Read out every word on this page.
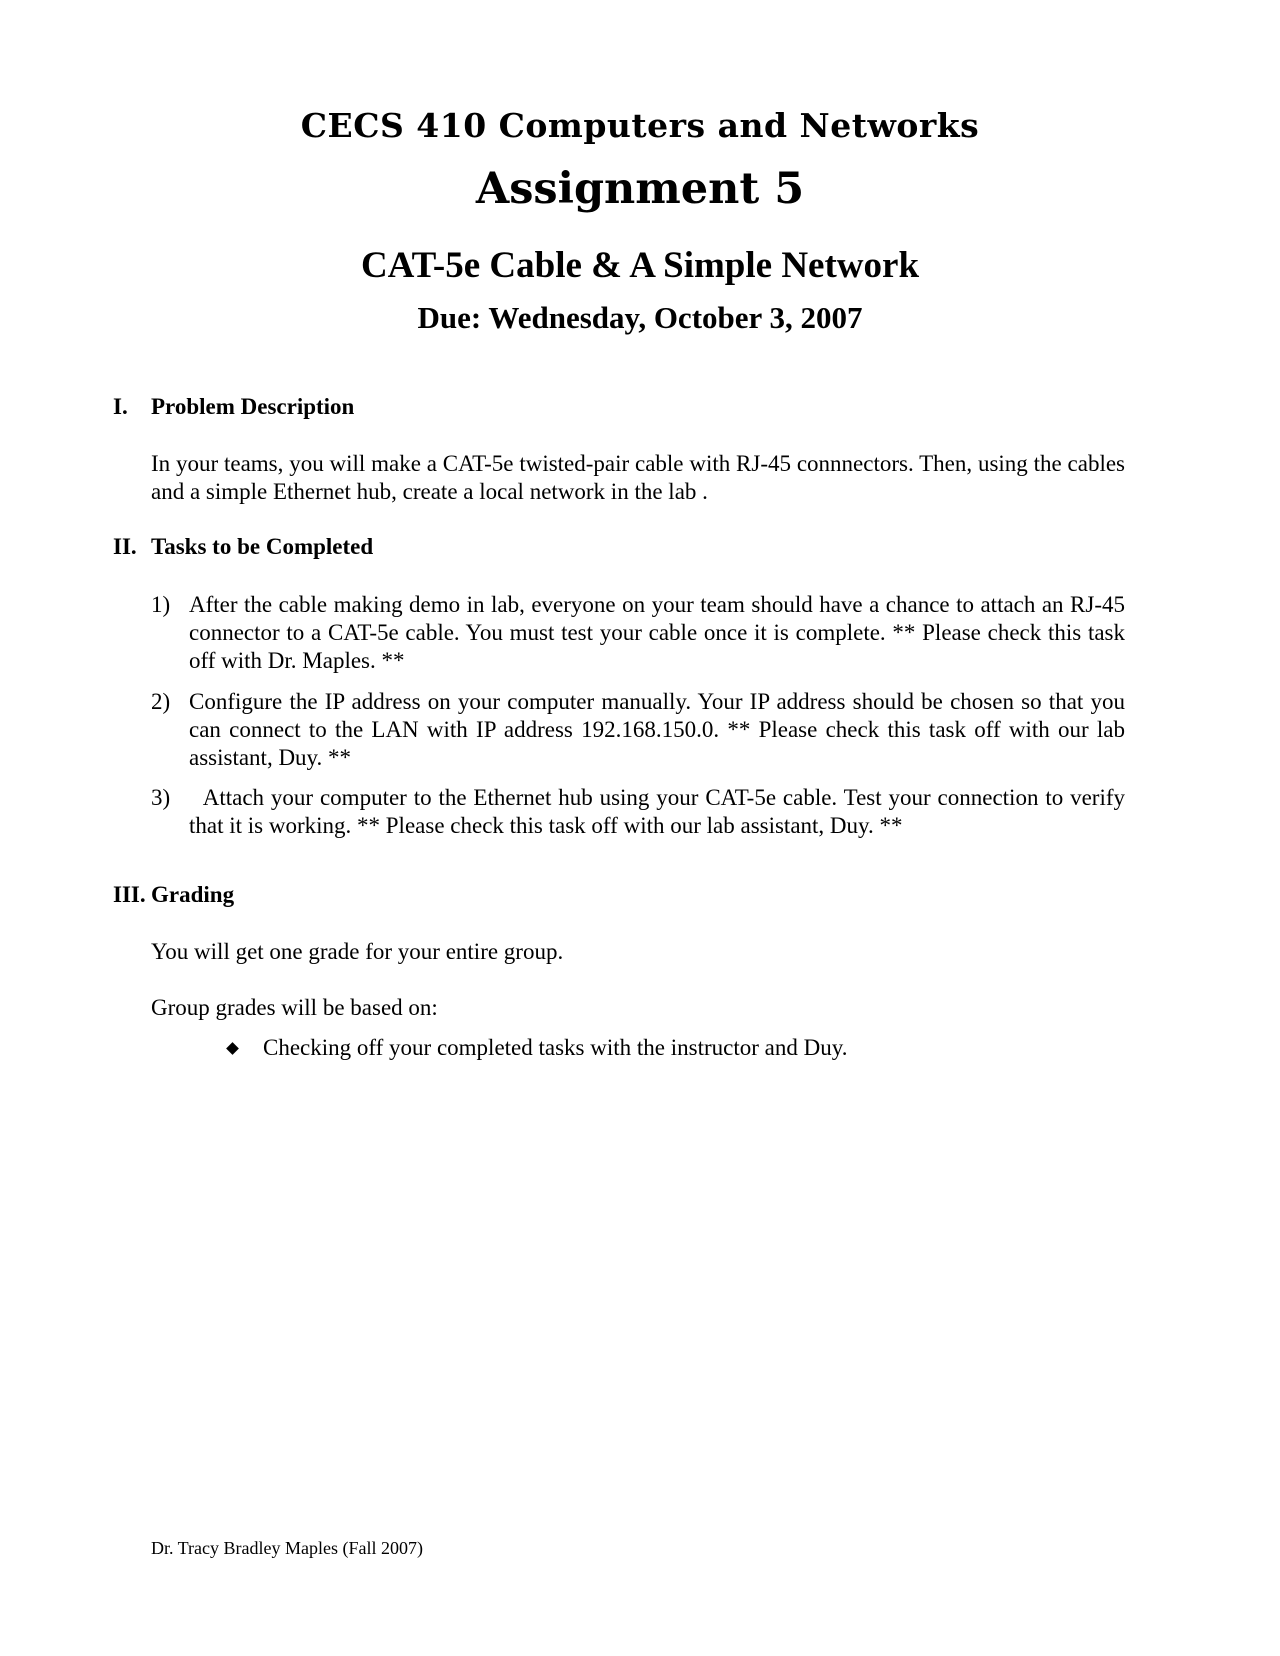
CECS 410 Computers and Networks
Assignment 5
CAT-5e Cable & A Simple Network
Due: Wednesday, October 3, 2007
I.	Problem Description
In your teams, you will make a CAT-5e twisted-pair cable with RJ-45 connnectors. Then, using the cables and a simple Ethernet hub, create a local network in the lab .
II. Tasks to be Completed
1) After the cable making demo in lab, everyone on your team should have a chance to attach an RJ-45 connector to a CAT-5e cable. You must test your cable once it is complete. ** Please check this task off with Dr. Maples. **
2) Configure the IP address on your computer manually. Your IP address should be chosen so that you can connect to the LAN with IP address 192.168.150.0. ** Please check this task off with our lab assistant, Duy. **
3) Attach your computer to the Ethernet hub using your CAT-5e cable. Test your connection to verify that it is working. ** Please check this task off with our lab assistant, Duy. **
III. Grading
You will get one grade for your entire group.
Group grades will be based on:
Checking off your completed tasks with the instructor and Duy.
Dr. Tracy Bradley Maples (Fall 2007)
